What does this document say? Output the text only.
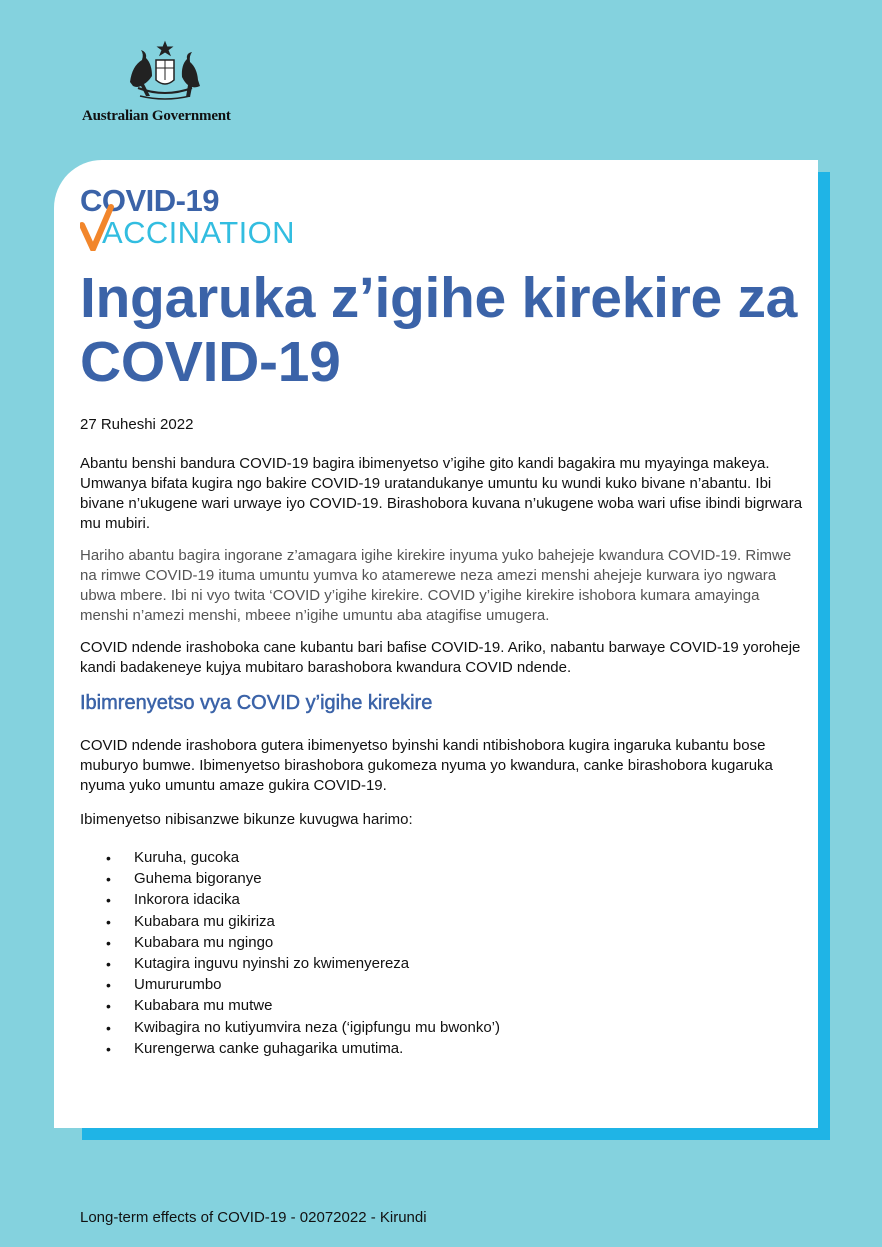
Australian Government
COVID-19
ACCINATION
Ingaruka z’igihe kirekire za COVID-19
27 Ruheshi 2022

Abantu benshi bandura COVID-19 bagira ibimenyetso v’igihe gito kandi bagakira mu myayinga makeya. Umwanya bifata kugira ngo bakire COVID-19 uratandukanye umuntu ku wundi kuko bivane n’abantu. Ibi bivane n’ukugene wari urwaye iyo COVID-19. Birashobora kuvana n’ukugene woba wari ufise ibindi bigrwara mu mubiri.

Hariho abantu bagira ingorane z’amagara igihe kirekire inyuma yuko bahejeje kwandura COVID-19. Rimwe na rimwe COVID-19 ituma umuntu yumva ko atamerewe neza amezi menshi ahejeje kurwara iyo ngwara ubwa mbere. Ibi ni vyo twita ‘COVID y’igihe kirekire. COVID y’igihe kirekire ishobora kumara amayinga menshi n’amezi menshi, mbeee n’igihe umuntu aba atagifise umugera.

COVID ndende irashoboka cane kubantu bari bafise COVID-19. Ariko, nabantu barwaye COVID-19 yoroheje kandi badakeneye kujya mubitaro barashobora kwandura COVID ndende.

Ibimrenyetso vya COVID y’igihe kirekire

COVID ndende irashobora gutera ibimenyetso byinshi kandi ntibishobora kugira ingaruka kubantu bose muburyo bumwe. Ibimenyetso birashobora gukomeza nyuma yo kwandura, canke birashobora kugaruka nyuma yuko umuntu amaze gukira COVID-19.

Ibimenyetso nibisanzwe bikunze kuvugwa harimo:

• Kuruha, gucoka
• Guhema bigoranye
• Inkorora idacika
• Kubabara mu gikiriza
• Kubabara mu ngingo
• Kutagira inguvu nyinshi zo kwimenyereza
• Umururumbo
• Kubabara mu mutwe
• Kwibagira no kutiyumvira neza (‘igipfungu mu bwonko’)
• Kurengerwa canke guhagarika umutima.
Long-term effects of COVID-19 - 02072022 - Kirundi
